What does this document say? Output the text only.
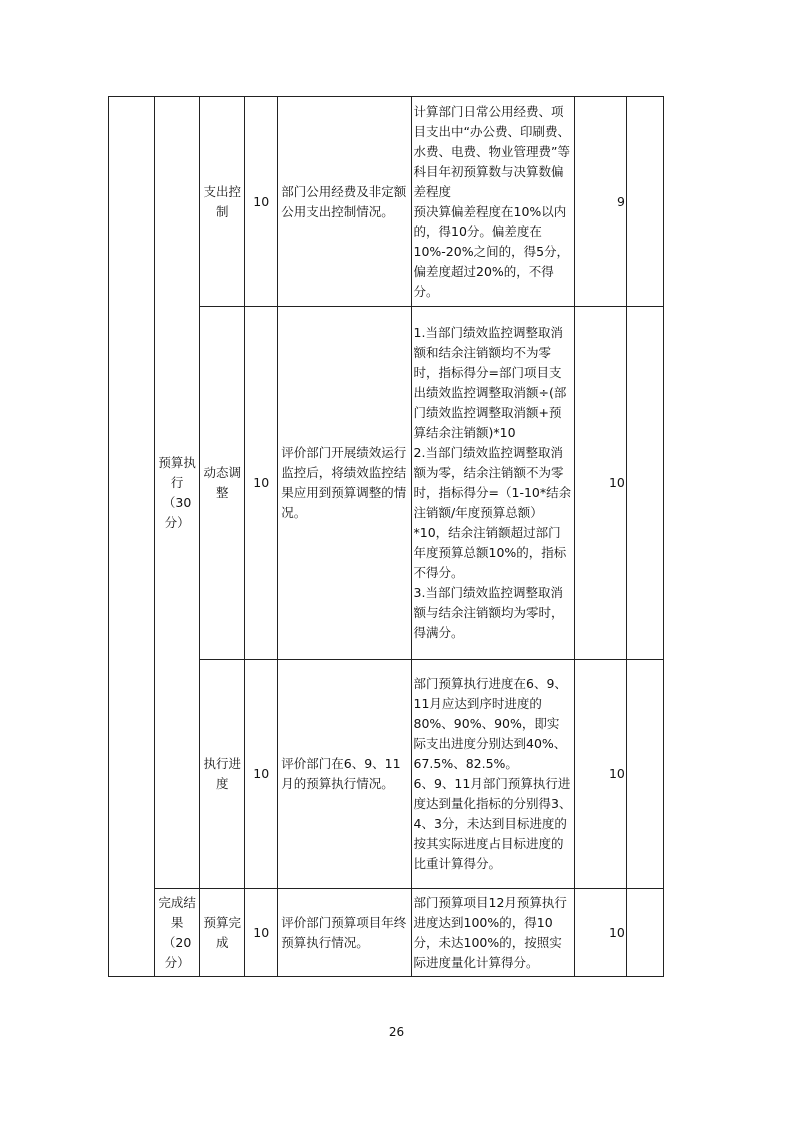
	预算执行（30分）	支出控制	10	部门公用经费及非定额公用支出控制情况。	计算部门日常公用经费、项目支出中“办公费、印刷费、水费、电费、物业管理费”等科目年初预算数与决算数偏差程度
预决算偏差程度在10%以内的，得10分。偏差度在10%-20%之间的，得5分，偏差度超过20%的，不得分。	9	
		动态调整	10	评价部门开展绩效运行监控后，将绩效监控结果应用到预算调整的情况。	1.当部门绩效监控调整取消额和结余注销额均不为零时，指标得分=部门项目支出绩效监控调整取消额÷(部门绩效监控调整取消额+预算结余注销额)*10
2.当部门绩效监控调整取消额为零，结余注销额不为零时，指标得分=（1-10*结余注销额/年度预算总额）*10，结余注销额超过部门年度预算总额10%的，指标不得分。
3.当部门绩效监控调整取消额与结余注销额均为零时，得满分。	10	
		执行进度	10	评价部门在6、9、11月的预算执行情况。	部门预算执行进度在6、9、11月应达到序时进度的80%、90%、90%，即实际支出进度分别达到40%、67.5%、82.5%。
6、9、11月部门预算执行进度达到量化指标的分别得3、4、3分，未达到目标进度的按其实际进度占目标进度的比重计算得分。	10	
	完成结果（20分）	预算完成	10	评价部门预算项目年终预算执行情况。	部门预算项目12月预算执行进度达到100%的，得10分，未达100%的，按照实际进度量化计算得分。	10	
26
